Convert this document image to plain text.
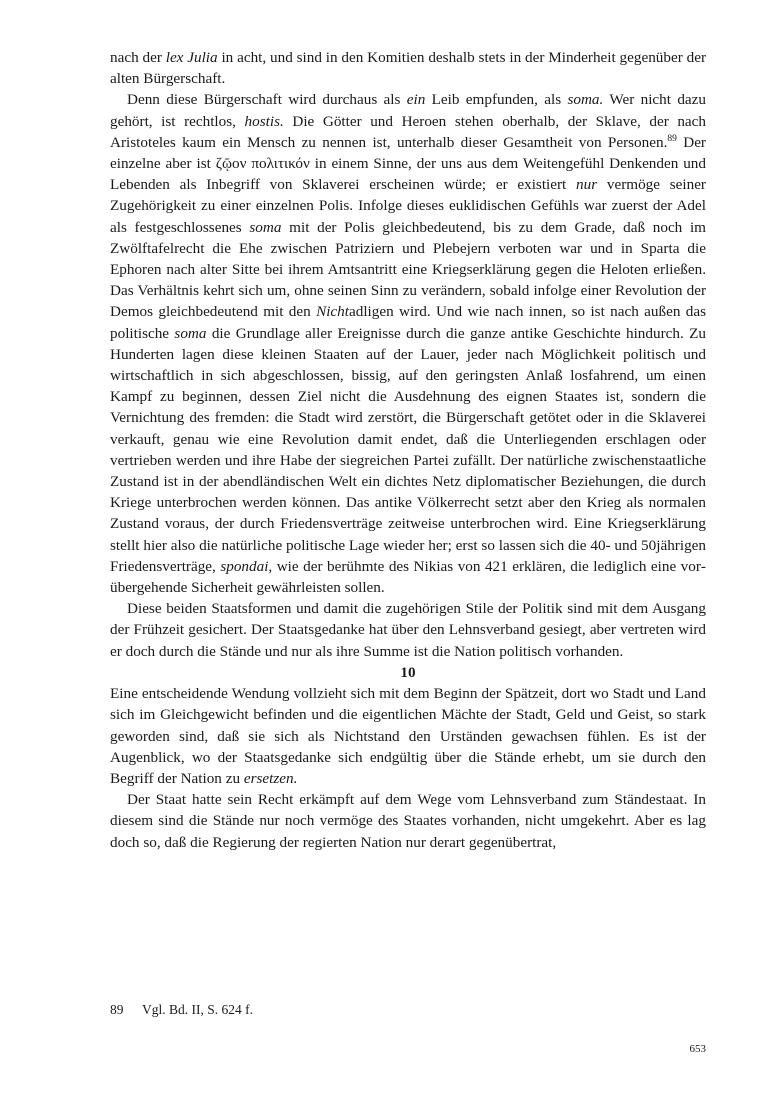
nach der lex Julia in acht, und sind in den Komitien deshalb stets in der Minderheit gegenüber der alten Bürgerschaft.

Denn diese Bürgerschaft wird durchaus als ein Leib empfunden, als soma. Wer nicht dazu gehört, ist rechtlos, hostis. Die Götter und Heroen stehen oberhalb, der Sklave, der nach Aristoteles kaum ein Mensch zu nennen ist, unterhalb dieser Gesamtheit von Personen.$^{89}$ Der einzelne aber ist ζῷον πολιτικόν in einem Sinne, der uns aus dem Weitengefühl Denkenden und Lebenden als Inbegriff von Sklaverei erscheinen würde; er existiert nur vermöge seiner Zugehörigkeit zu einer einzelnen Polis. Infolge dieses euklidischen Gefühls war zuerst der Adel als festgeschlossenes soma mit der Polis gleichbedeutend, bis zu dem Grade, daß noch im Zwölftafelrecht die Ehe zwischen Patriziern und Plebejern verboten war und in Sparta die Ephoren nach alter Sitte bei ihrem Amtsantritt eine Kriegserklärung gegen die Heloten erließen. Das Verhältnis kehrt sich um, ohne seinen Sinn zu verändern, sobald infolge einer Revolution der Demos gleichbedeutend mit den Nichtadligen wird. Und wie nach innen, so ist nach außen das politische soma die Grundlage aller Ereignisse durch die ganze antike Geschichte hindurch. Zu Hunderten lagen diese kleinen Staaten auf der Lauer, jeder nach Möglichkeit politisch und wirtschaftlich in sich abgeschlossen, bissig, auf den geringsten Anlaß losfahrend, um einen Kampf zu beginnen, dessen Ziel nicht die Ausdehnung des eignen Staates ist, sondern die Vernichtung des fremden: die Stadt wird zerstört, die Bürgerschaft getötet oder in die Sklaverei verkauft, genau wie eine Revolution damit endet, daß die Unterliegenden erschlagen oder vertrieben werden und ihre Habe der siegreichen Partei zufällt. Der natürliche zwischenstaatliche Zustand ist in der abendländischen Welt ein dichtes Netz diplomatischer Beziehungen, die durch Kriege unterbrochen werden können. Das antike Völkerrecht setzt aber den Krieg als normalen Zustand voraus, der durch Friedensverträge zeitweise unterbrochen wird. Eine Kriegserklärung stellt hier also die natürliche politische Lage wieder her; erst so lassen sich die 40- und 50jährigen Friedensverträge, spondai, wie der berühmte des Nikias von 421 erklären, die lediglich eine vorübergehende Sicherheit gewährleisten sollen.

Diese beiden Staatsformen und damit die zugehörigen Stile der Politik sind mit dem Ausgang der Frühzeit gesichert. Der Staatsgedanke hat über den Lehnsverband gesiegt, aber vertreten wird er doch durch die Stände und nur als ihre Summe ist die Nation politisch vorhanden.

10

Eine entscheidende Wendung vollzieht sich mit dem Beginn der Spätzeit, dort wo Stadt und Land sich im Gleichgewicht befinden und die eigentlichen Mächte der Stadt, Geld und Geist, so stark geworden sind, daß sie sich als Nichtstand den Urständen gewachsen fühlen. Es ist der Augenblick, wo der Staatsgedanke sich endgültig über die Stände erhebt, um sie durch den Begriff der Nation zu ersetzen.

Der Staat hatte sein Recht erkämpft auf dem Wege vom Lehnsverband zum Ständestaat. In diesem sind die Stände nur noch vermöge des Staates vorhanden, nicht umgekehrt. Aber es lag doch so, daß die Regierung der regierten Nation nur derart gegenübertrat,

89 Vgl. Bd. II, S. 624 f.
653
